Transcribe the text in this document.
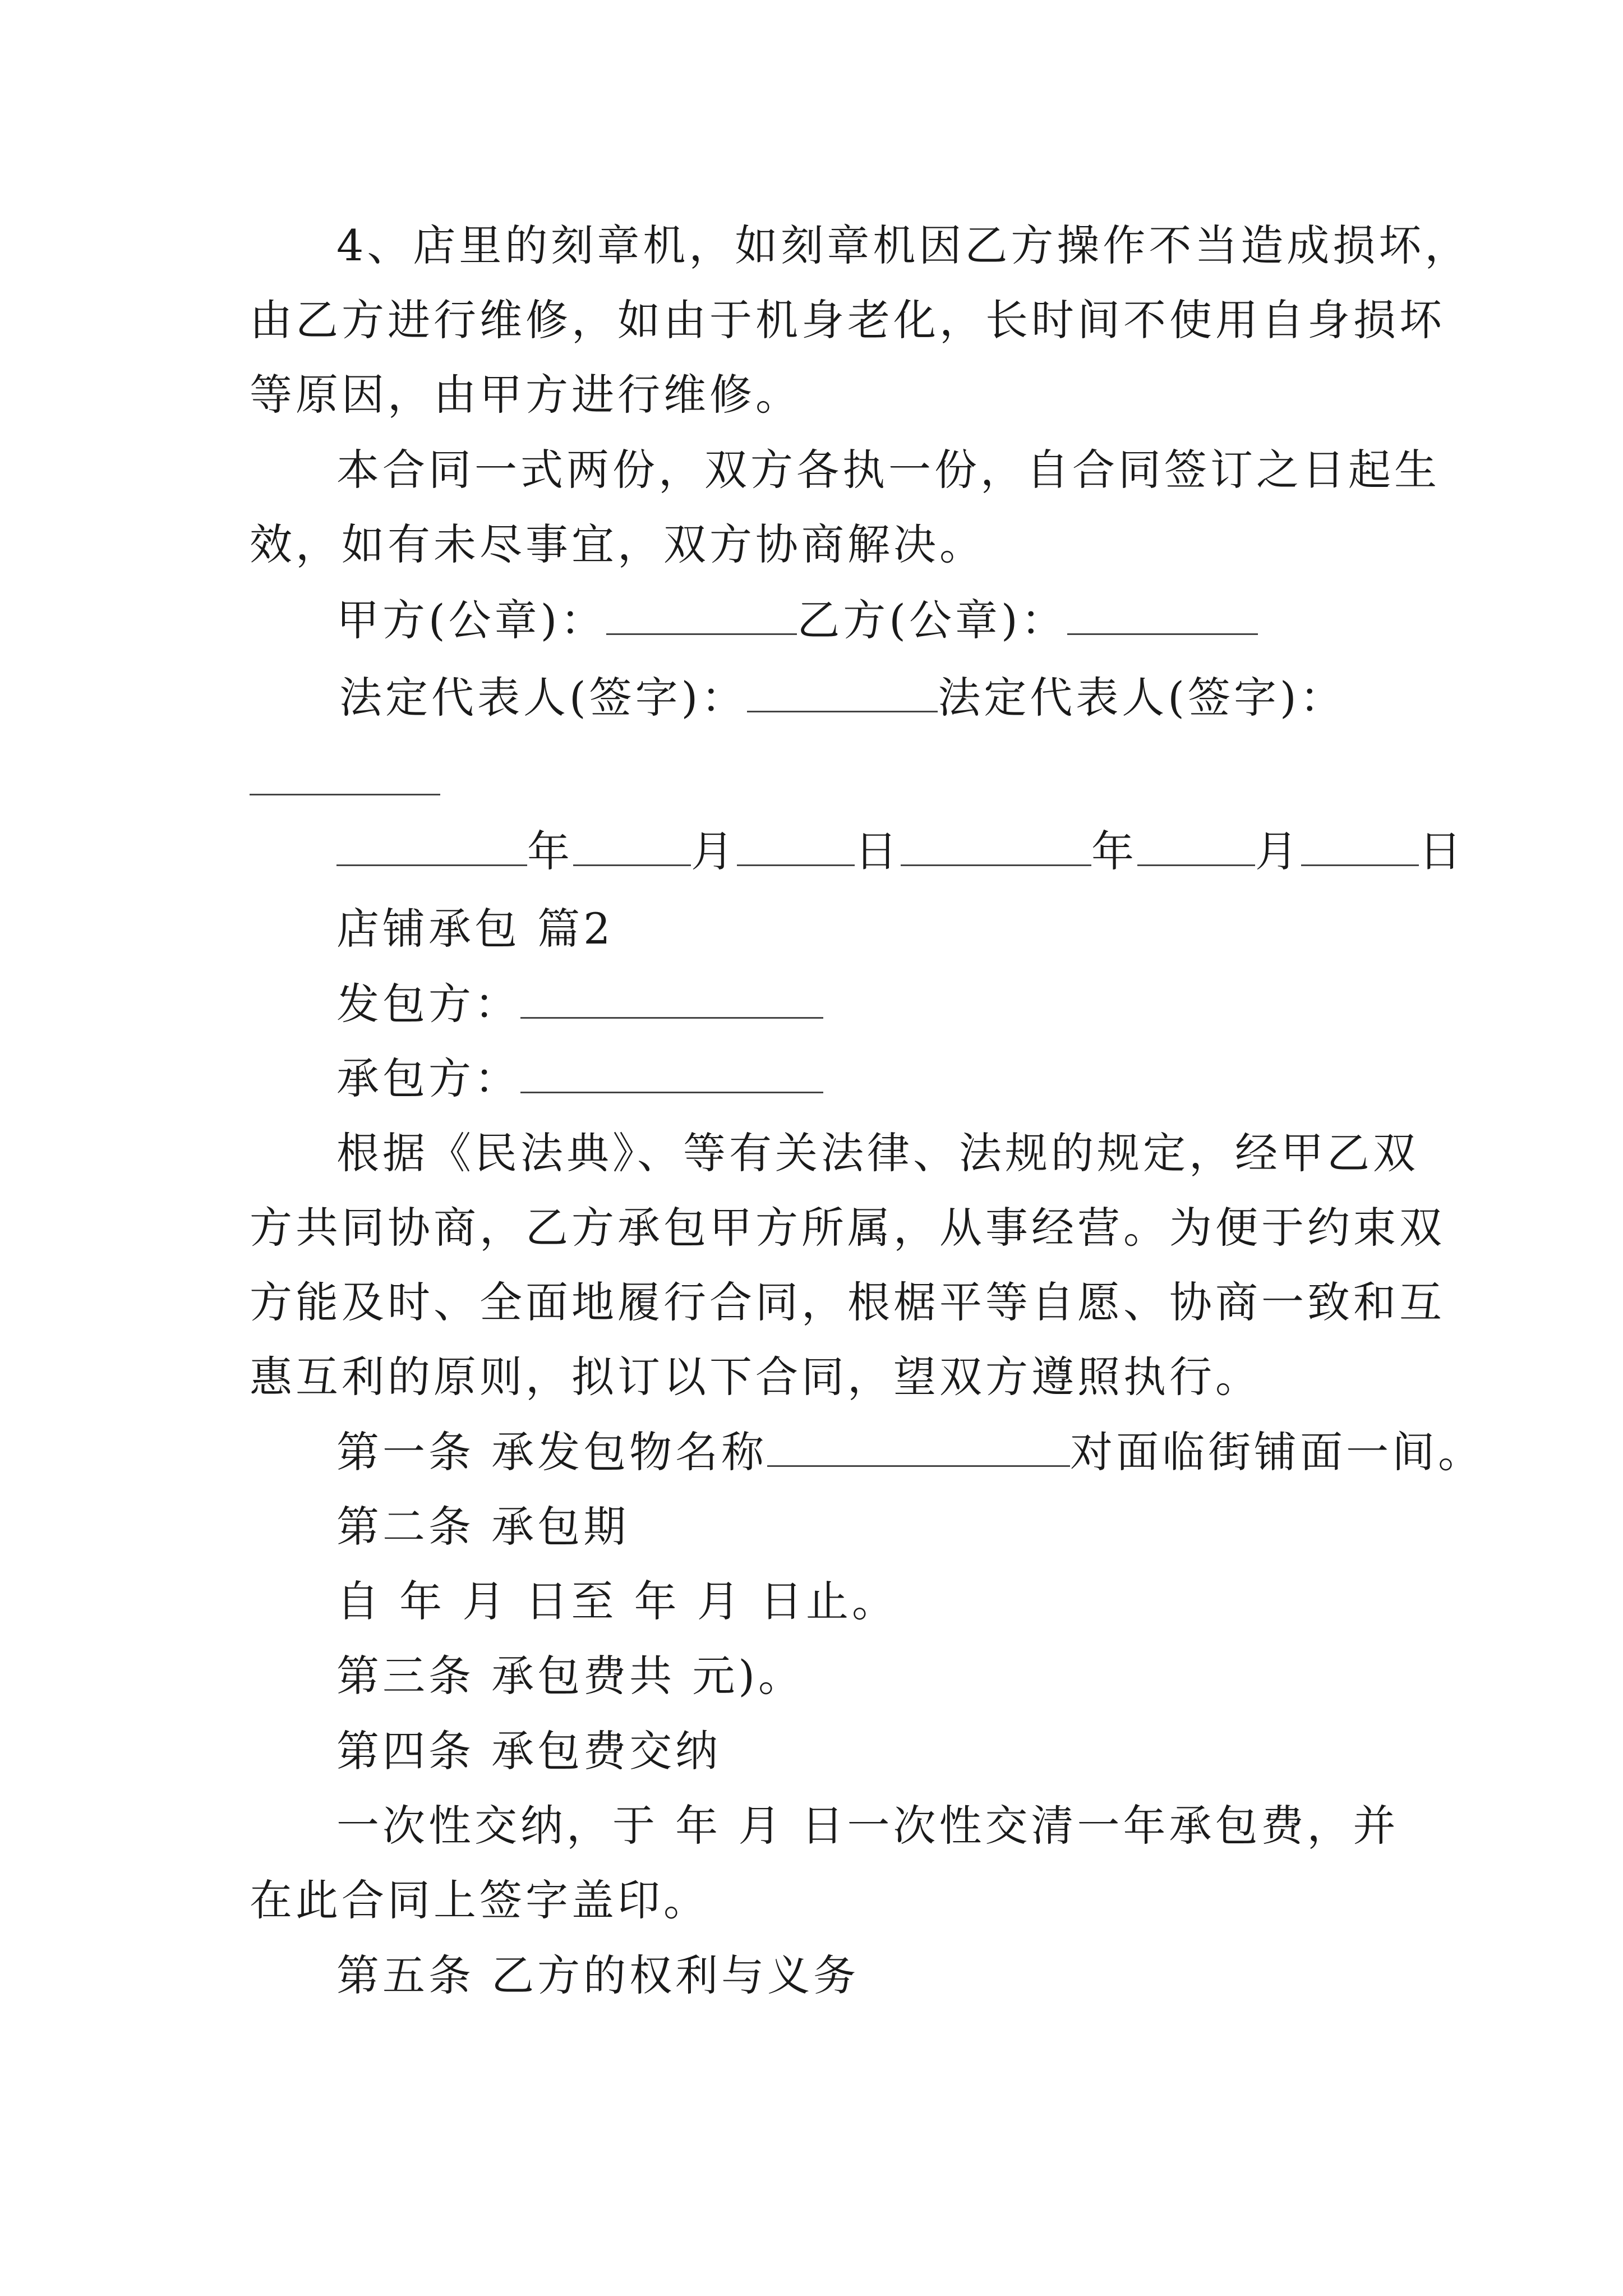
4、店里的刻章机，如刻章机因乙方操作不当造成损坏，
由乙方进行维修，如由于机身老化，长时间不使用自身损坏
等原因，由甲方进行维修。
本合同一式两份，双方各执一份，自合同签订之日起生
效，如有未尽事宜，双方协商解决。
甲方(公章)：	乙方(公章)：
法定代表人(签字)：	法定代表人(签字)：
年	月	日	年	月	日
店铺承包 篇2
发包方：
承包方：
根据《民法典》、等有关法律、法规的规定，经甲乙双
方共同协商，乙方承包甲方所属，从事经营。为便于约束双
方能及时、全面地履行合同，根椐平等自愿、协商一致和互
惠互利的原则，拟订以下合同，望双方遵照执行。
第一条 承发包物名称	对面临街铺面一间。
第二条 承包期
自 年 月 日至 年 月 日止。
第三条 承包费共 元)。
第四条 承包费交纳
一次性交纳，于 年 月 日一次性交清一年承包费，并
在此合同上签字盖印。
第五条 乙方的权利与义务
